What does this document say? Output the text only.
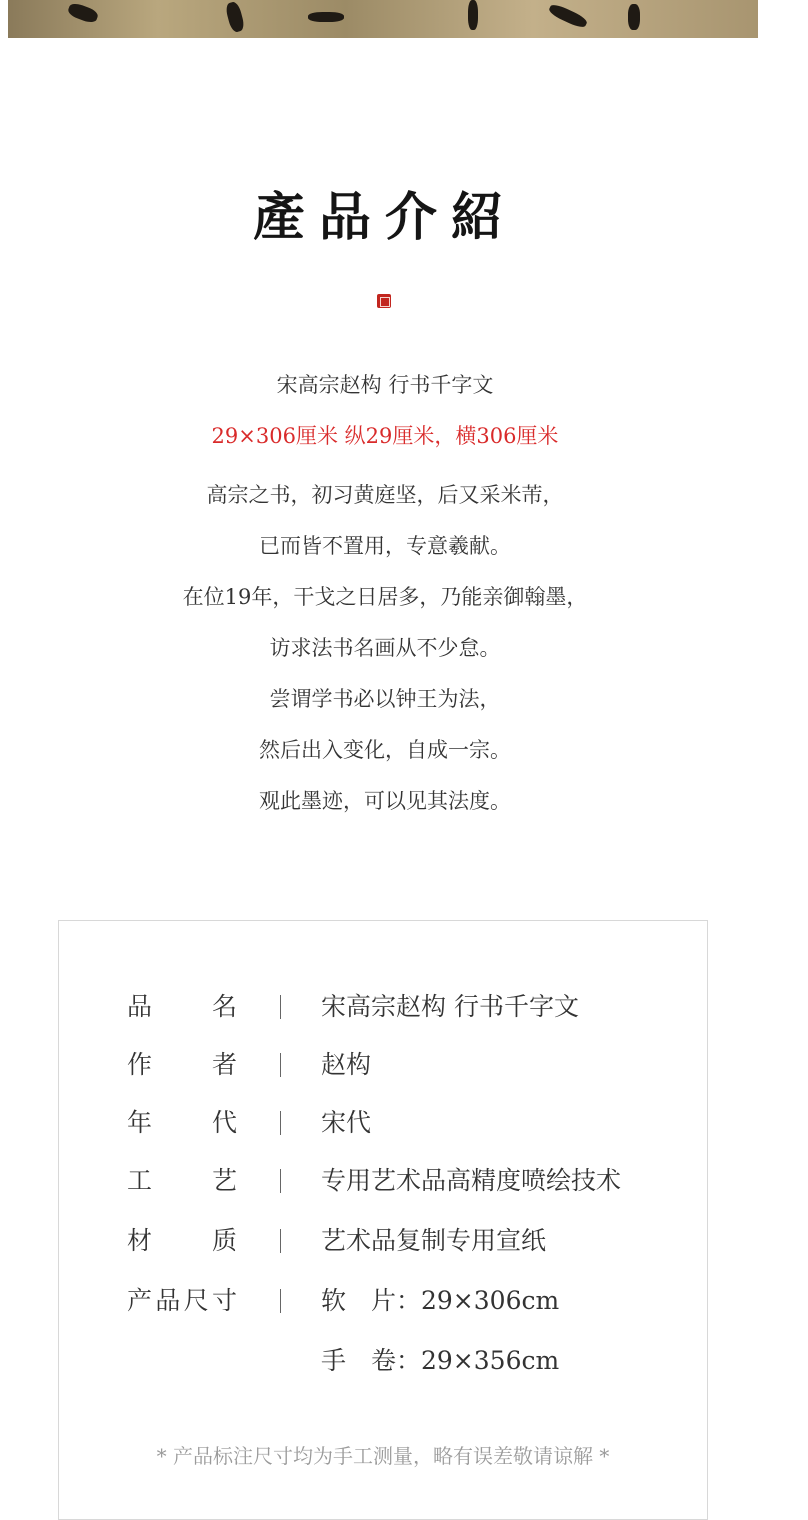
產品介紹
宋高宗赵构 行书千字文
29×306厘米 纵29厘米，横306厘米
高宗之书，初习黄庭坚，后又采米芾，
已而皆不置用，专意羲献。
在位19年，干戈之日居多，乃能亲御翰墨，
访求法书名画从不少怠。
尝谓学书必以钟王为法，
然后出入变化，自成一宗。
观此墨迹，可以见其法度。
品名	宋高宗赵构 行书千字文
作者	赵构
年代	宋代
工艺	专用艺术品高精度喷绘技术
材质	艺术品复制专用宣纸
产品尺寸	软　片：29×306cm
手　卷：29×356cm
* 产品标注尺寸均为手工测量，略有误差敬请谅解 *
